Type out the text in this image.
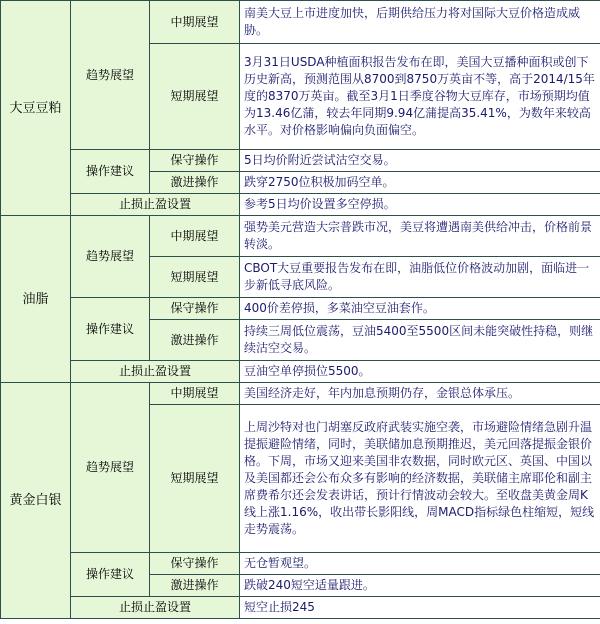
大豆豆粕	趋势展望	中期展望	南美大豆上市进度加快，后期供给压力将对国际大豆价格造成威胁。
		短期展望	3月31日USDA种植面积报告发布在即，美国大豆播种面积或创下历史新高，预测范围从8700到8750万英亩不等，高于2014/15年度的8370万英亩。截至3月1日季度谷物大豆库存，市场预期均值为13.46亿蒲，较去年同期9.94亿蒲提高35.41%，为数年来较高水平。对价格影响偏向负面偏空。
	操作建议	保守操作	5日均价附近尝试沽空交易。
		激进操作	跌穿2750位积极加码空单。
	止损止盈设置		参考5日均价设置多空停损。
油脂	趋势展望	中期展望	强势美元营造大宗普跌市况，美豆将遭遇南美供给冲击，价格前景转淡。
		短期展望	CBOT大豆重要报告发布在即，油脂低位价格波动加剧，面临进一步新低寻底风险。
	操作建议	保守操作	400价差停损，多菜油空豆油套作。
		激进操作	持续三周低位震荡，豆油5400至5500区间未能突破性持稳，则继续沽空交易。
	止损止盈设置		豆油空单停损位5500。
黄金白银	趋势展望	中期展望	美国经济走好，年内加息预期仍存，金银总体承压。
		短期展望	上周沙特对也门胡塞反政府武装实施空袭，市场避险情绪急剧升温提振避险情绪，同时，美联储加息预期推迟，美元回落提振金银价格。下周，市场又迎来美国非农数据，同时欧元区、英国、中国以及美国都还会公布众多有影响的经济数据，美联储主席耶伦和副主席费希尔还会发表讲话，预计行情波动会较大。至收盘美黄金周K线上涨1.16%，收出带长影阳线，周MACD指标绿色柱缩短，短线走势震荡。
	操作建议	保守操作	无仓暂观望。
		激进操作	跌破240短空适量跟进。
	止损止盈设置		短空止损245
